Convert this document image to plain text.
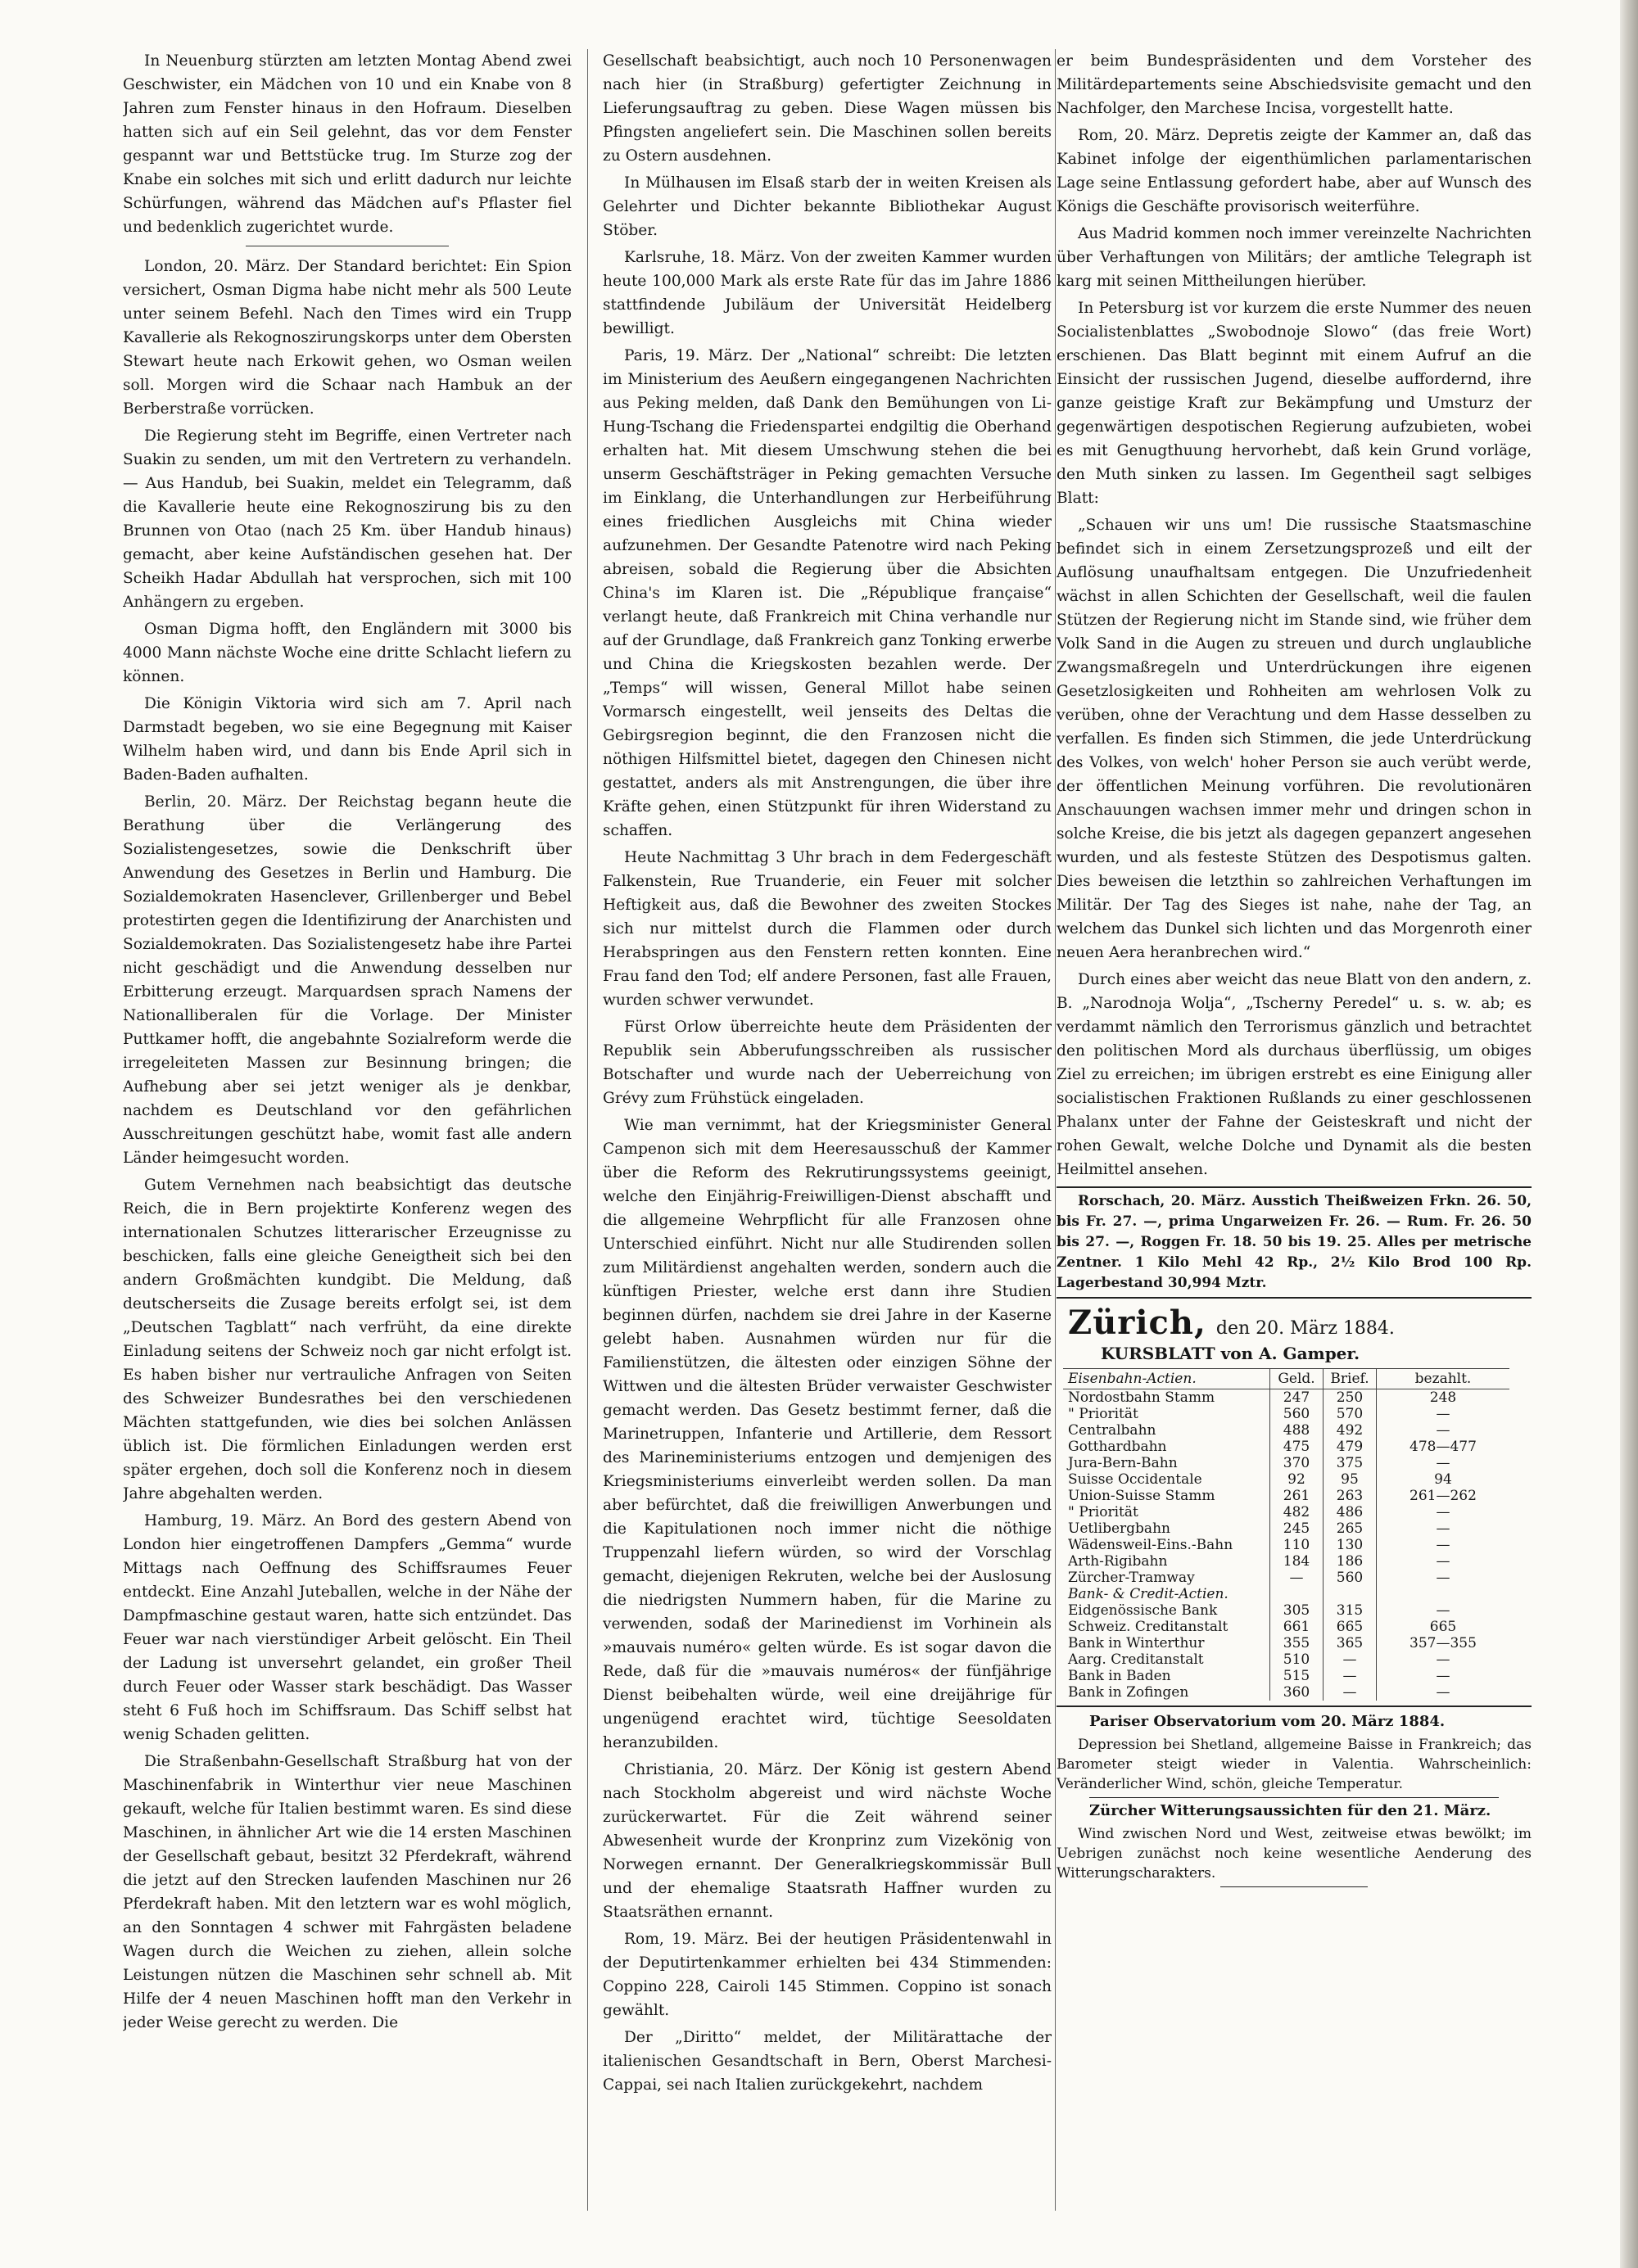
In Neuenburg stürzten am letzten Montag Abend zwei Geschwister, ein Mädchen von 10 und ein Knabe von 8 Jahren zum Fenster hinaus in den Hofraum. Dieselben hatten sich auf ein Seil gelehnt, das vor dem Fenster gespannt war und Bettstücke trug. Im Sturze zog der Knabe ein solches mit sich und erlitt dadurch nur leichte Schürfungen, während das Mädchen auf's Pflaster fiel und bedenklich zugerichtet wurde.

London, 20. März. Der Standard berichtet: Ein Spion versichert, Osman Digma habe nicht mehr als 500 Leute unter seinem Befehl. Nach den Times wird ein Trupp Kavallerie als Rekognoszirungskorps unter dem Obersten Stewart heute nach Erkowit gehen, wo Osman weilen soll. Morgen wird die Schaar nach Hambuk an der Berberstraße vorrücken.

Die Regierung steht im Begriffe, einen Vertreter nach Suakin zu senden, um mit den Vertretern zu verhandeln. — Aus Handub, bei Suakin, meldet ein Telegramm, daß die Kavallerie heute eine Rekognoszirung bis zu den Brunnen von Otao (nach 25 Km. über Handub hinaus) gemacht, aber keine Aufständischen gesehen hat. Der Scheikh Hadar Abdullah hat versprochen, sich mit 100 Anhängern zu ergeben.

Osman Digma hofft, den Engländern mit 3000 bis 4000 Mann nächste Woche eine dritte Schlacht liefern zu können.

Die Königin Viktoria wird sich am 7. April nach Darmstadt begeben, wo sie eine Begegnung mit Kaiser Wilhelm haben wird, und dann bis Ende April sich in Baden-Baden aufhalten.

Berlin, 20. März. Der Reichstag begann heute die Berathung über die Verlängerung des Sozialistengesetzes, sowie die Denkschrift über Anwendung des Gesetzes in Berlin und Hamburg. Die Sozialdemokraten Hasenclever, Grillenberger und Bebel protestirten gegen die Identifizirung der Anarchisten und Sozialdemokraten. Das Sozialistengesetz habe ihre Partei nicht geschädigt und die Anwendung desselben nur Erbitterung erzeugt. Marquardsen sprach Namens der Nationalliberalen für die Vorlage. Der Minister Puttkamer hofft, die angebahnte Sozialreform werde die irregeleiteten Massen zur Besinnung bringen; die Aufhebung aber sei jetzt weniger als je denkbar, nachdem es Deutschland vor den gefährlichen Ausschreitungen geschützt habe, womit fast alle andern Länder heimgesucht worden.

Gutem Vernehmen nach beabsichtigt das deutsche Reich, die in Bern projektirte Konferenz wegen des internationalen Schutzes litterarischer Erzeugnisse zu beschicken, falls eine gleiche Geneigtheit sich bei den andern Großmächten kundgibt. Die Meldung, daß deutscherseits die Zusage bereits erfolgt sei, ist dem „Deutschen Tagblatt“ nach verfrüht, da eine direkte Einladung seitens der Schweiz noch gar nicht erfolgt ist. Es haben bisher nur vertrauliche Anfragen von Seiten des Schweizer Bundesrathes bei den verschiedenen Mächten stattgefunden, wie dies bei solchen Anlässen üblich ist. Die förmlichen Einladungen werden erst später ergehen, doch soll die Konferenz noch in diesem Jahre abgehalten werden.

Hamburg, 19. März. An Bord des gestern Abend von London hier eingetroffenen Dampfers „Gemma“ wurde Mittags nach Oeffnung des Schiffsraumes Feuer entdeckt. Eine Anzahl Juteballen, welche in der Nähe der Dampfmaschine gestaut waren, hatte sich entzündet. Das Feuer war nach vierstündiger Arbeit gelöscht. Ein Theil der Ladung ist unversehrt gelandet, ein großer Theil durch Feuer oder Wasser stark beschädigt. Das Wasser steht 6 Fuß hoch im Schiffsraum. Das Schiff selbst hat wenig Schaden gelitten.

Die Straßenbahn-Gesellschaft Straßburg hat von der Maschinenfabrik in Winterthur vier neue Maschinen gekauft, welche für Italien bestimmt waren. Es sind diese Maschinen, in ähnlicher Art wie die 14 ersten Maschinen der Gesellschaft gebaut, besitzt 32 Pferdekraft, während die jetzt auf den Strecken laufenden Maschinen nur 26 Pferdekraft haben. Mit den letztern war es wohl möglich, an den Sonntagen 4 schwer mit Fahrgästen beladene Wagen durch die Weichen zu ziehen, allein solche Leistungen nützen die Maschinen sehr schnell ab. Mit Hilfe der 4 neuen Maschinen hofft man den Verkehr in jeder Weise gerecht zu werden. Die

Gesellschaft beabsichtigt, auch noch 10 Personenwagen nach hier (in Straßburg) gefertigter Zeichnung in Lieferungsauftrag zu geben. Diese Wagen müssen bis Pfingsten angeliefert sein. Die Maschinen sollen bereits zu Ostern ausdehnen.

In Mülhausen im Elsaß starb der in weiten Kreisen als Gelehrter und Dichter bekannte Bibliothekar August Stöber.

Karlsruhe, 18. März. Von der zweiten Kammer wurden heute 100,000 Mark als erste Rate für das im Jahre 1886 stattfindende Jubiläum der Universität Heidelberg bewilligt.

Paris, 19. März. Der „National“ schreibt: Die letzten im Ministerium des Aeußern eingegangenen Nachrichten aus Peking melden, daß Dank den Bemühungen von Li-Hung-Tschang die Friedenspartei endgiltig die Oberhand erhalten hat. Mit diesem Umschwung stehen die bei unserm Geschäftsträger in Peking gemachten Versuche im Einklang, die Unterhandlungen zur Herbeiführung eines friedlichen Ausgleichs mit China wieder aufzunehmen. Der Gesandte Patenotre wird nach Peking abreisen, sobald die Regierung über die Absichten China's im Klaren ist. Die „République française“ verlangt heute, daß Frankreich mit China verhandle nur auf der Grundlage, daß Frankreich ganz Tonking erwerbe und China die Kriegskosten bezahlen werde. Der „Temps“ will wissen, General Millot habe seinen Vormarsch eingestellt, weil jenseits des Deltas die Gebirgsregion beginnt, die den Franzosen nicht die nöthigen Hilfsmittel bietet, dagegen den Chinesen nicht gestattet, anders als mit Anstrengungen, die über ihre Kräfte gehen, einen Stützpunkt für ihren Widerstand zu schaffen.

Heute Nachmittag 3 Uhr brach in dem Federgeschäft Falkenstein, Rue Truanderie, ein Feuer mit solcher Heftigkeit aus, daß die Bewohner des zweiten Stockes sich nur mittelst durch die Flammen oder durch Herabspringen aus den Fenstern retten konnten. Eine Frau fand den Tod; elf andere Personen, fast alle Frauen, wurden schwer verwundet.

Fürst Orlow überreichte heute dem Präsidenten der Republik sein Abberufungsschreiben als russischer Botschafter und wurde nach der Ueberreichung von Grévy zum Frühstück eingeladen.

Wie man vernimmt, hat der Kriegsminister General Campenon sich mit dem Heeresausschuß der Kammer über die Reform des Rekrutirungssystems geeinigt, welche den Einjährig-Freiwilligen-Dienst abschafft und die allgemeine Wehrpflicht für alle Franzosen ohne Unterschied einführt. Nicht nur alle Studirenden sollen zum Militärdienst angehalten werden, sondern auch die künftigen Priester, welche erst dann ihre Studien beginnen dürfen, nachdem sie drei Jahre in der Kaserne gelebt haben. Ausnahmen würden nur für die Familienstützen, die ältesten oder einzigen Söhne der Wittwen und die ältesten Brüder verwaister Geschwister gemacht werden. Das Gesetz bestimmt ferner, daß die Marinetruppen, Infanterie und Artillerie, dem Ressort des Marineministeriums entzogen und demjenigen des Kriegsministeriums einverleibt werden sollen. Da man aber befürchtet, daß die freiwilligen Anwerbungen und die Kapitulationen noch immer nicht die nöthige Truppenzahl liefern würden, so wird der Vorschlag gemacht, diejenigen Rekruten, welche bei der Auslosung die niedrigsten Nummern haben, für die Marine zu verwenden, sodaß der Marinedienst im Vorhinein als »mauvais numéro« gelten würde. Es ist sogar davon die Rede, daß für die »mauvais numéros« der fünfjährige Dienst beibehalten würde, weil eine dreijährige für ungenügend erachtet wird, tüchtige Seesoldaten heranzubilden.

Christiania, 20. März. Der König ist gestern Abend nach Stockholm abgereist und wird nächste Woche zurückerwartet. Für die Zeit während seiner Abwesenheit wurde der Kronprinz zum Vizekönig von Norwegen ernannt. Der Generalkriegskommissär Bull und der ehemalige Staatsrath Haffner wurden zu Staatsräthen ernannt.

Rom, 19. März. Bei der heutigen Präsidentenwahl in der Deputirtenkammer erhielten bei 434 Stimmenden: Coppino 228, Cairoli 145 Stimmen. Coppino ist sonach gewählt.

Der „Diritto“ meldet, der Militärattache der italienischen Gesandtschaft in Bern, Oberst Marchesi-Cappai, sei nach Italien zurückgekehrt, nachdem

er beim Bundespräsidenten und dem Vorsteher des Militärdepartements seine Abschiedsvisite gemacht und den Nachfolger, den Marchese Incisa, vorgestellt hatte.

Rom, 20. März. Depretis zeigte der Kammer an, daß das Kabinet infolge der eigenthümlichen parlamentarischen Lage seine Entlassung gefordert habe, aber auf Wunsch des Königs die Geschäfte provisorisch weiterführe.

Aus Madrid kommen noch immer vereinzelte Nachrichten über Verhaftungen von Militärs; der amtliche Telegraph ist karg mit seinen Mittheilungen hierüber.

In Petersburg ist vor kurzem die erste Nummer des neuen Socialistenblattes „Swobodnoje Slowo“ (das freie Wort) erschienen. Das Blatt beginnt mit einem Aufruf an die Einsicht der russischen Jugend, dieselbe auffordernd, ihre ganze geistige Kraft zur Bekämpfung und Umsturz der gegenwärtigen despotischen Regierung aufzubieten, wobei es mit Genugthuung hervorhebt, daß kein Grund vorläge, den Muth sinken zu lassen. Im Gegentheil sagt selbiges Blatt:

„Schauen wir uns um! Die russische Staatsmaschine befindet sich in einem Zersetzungsprozeß und eilt der Auflösung unaufhaltsam entgegen. Die Unzufriedenheit wächst in allen Schichten der Gesellschaft, weil die faulen Stützen der Regierung nicht im Stande sind, wie früher dem Volk Sand in die Augen zu streuen und durch unglaubliche Zwangsmaßregeln und Unterdrückungen ihre eigenen Gesetzlosigkeiten und Rohheiten am wehrlosen Volk zu verüben, ohne der Verachtung und dem Hasse desselben zu verfallen. Es finden sich Stimmen, die jede Unterdrückung des Volkes, von welch' hoher Person sie auch verübt werde, der öffentlichen Meinung vorführen. Die revolutionären Anschauungen wachsen immer mehr und dringen schon in solche Kreise, die bis jetzt als dagegen gepanzert angesehen wurden, und als festeste Stützen des Despotismus galten. Dies beweisen die letzthin so zahlreichen Verhaftungen im Militär. Der Tag des Sieges ist nahe, nahe der Tag, an welchem das Dunkel sich lichten und das Morgenroth einer neuen Aera heranbrechen wird.“

Durch eines aber weicht das neue Blatt von den andern, z. B. „Narodnoja Wolja“, „Tscherny Peredel“ u. s. w. ab; es verdammt nämlich den Terrorismus gänzlich und betrachtet den politischen Mord als durchaus überflüssig, um obiges Ziel zu erreichen; im übrigen erstrebt es eine Einigung aller socialistischen Fraktionen Rußlands zu einer geschlossenen Phalanx unter der Fahne der Geisteskraft und nicht der rohen Gewalt, welche Dolche und Dynamit als die besten Heilmittel ansehen.

Rorschach, 20. März. Ausstich Theißweizen Frkn. 26. 50, bis Fr. 27. —, prima Ungarweizen Fr. 26. — Rum. Fr. 26. 50 bis 27. —, Roggen Fr. 18. 50 bis 19. 25. Alles per metrische Zentner. 1 Kilo Mehl 42 Rp., 2½ Kilo Brod 100 Rp. Lagerbestand 30,994 Mztr.

Zürich, den 20. März 1884.
KURSBLATT von A. Gamper.
Eisenbahn-Actien.	Geld.	Brief.	bezahlt.
Nordostbahn Stamm	247	250	248
" Priorität	560	570	—
Centralbahn	488	492	—
Gotthardbahn	475	479	478—477
Jura-Bern-Bahn	370	375	—
Suisse Occidentale	92	95	94
Union-Suisse Stamm	261	263	261—262
" Priorität	482	486	—
Uetlibergbahn	245	265	—
Wädensweil-Eins.-Bahn	110	130	—
Arth-Rigibahn	184	186	—
Zürcher-Tramway	—	560	—
Bank- & Credit-Actien.			
Eidgenössische Bank	305	315	—
Schweiz. Creditanstalt	661	665	665
Bank in Winterthur	355	365	357—355
Aarg. Creditanstalt	510	—	—
Bank in Baden	515	—	—
Bank in Zofingen	360	—	—

Pariser Observatorium vom 20. März 1884.

Depression bei Shetland, allgemeine Baisse in Frankreich; das Barometer steigt wieder in Valentia. Wahrscheinlich: Veränderlicher Wind, schön, gleiche Temperatur.

Zürcher Witterungsaussichten für den 21. März.

Wind zwischen Nord und West, zeitweise etwas bewölkt; im Uebrigen zunächst noch keine wesentliche Aenderung des Witterungscharakters.
